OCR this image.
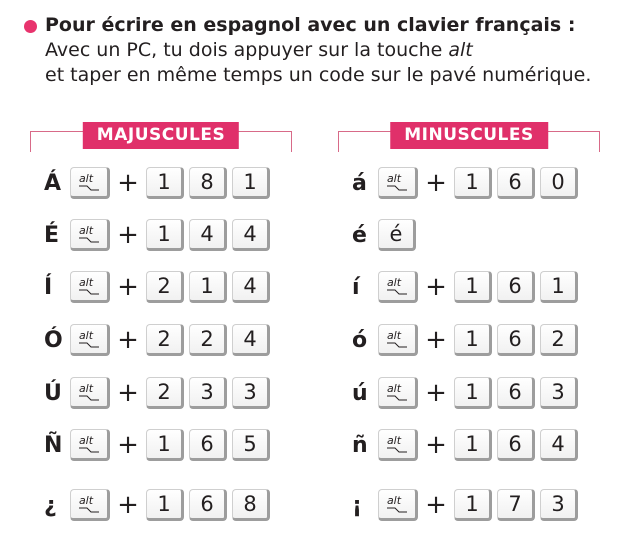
Pour écrire en espagnol avec un clavier français :
Avec un PC, tu dois appuyer sur la touche alt
et taper en même temps un code sur le pavé numérique.
MAJUSCULES
Á	alt + 1	8	1
É	alt + 1	4	4
Í	alt + 2	1	4
Ó	alt + 2	2	4
Ú	alt + 2	3	3
Ñ	alt + 1	6	5
¿	alt + 1	6	8
MINUSCULES
á	alt + 1	6	0
é	é
í	alt + 1	6	1
ó	alt + 1	6	2
ú	alt + 1	6	3
ñ	alt + 1	6	4
¡	alt + 1	7	3
